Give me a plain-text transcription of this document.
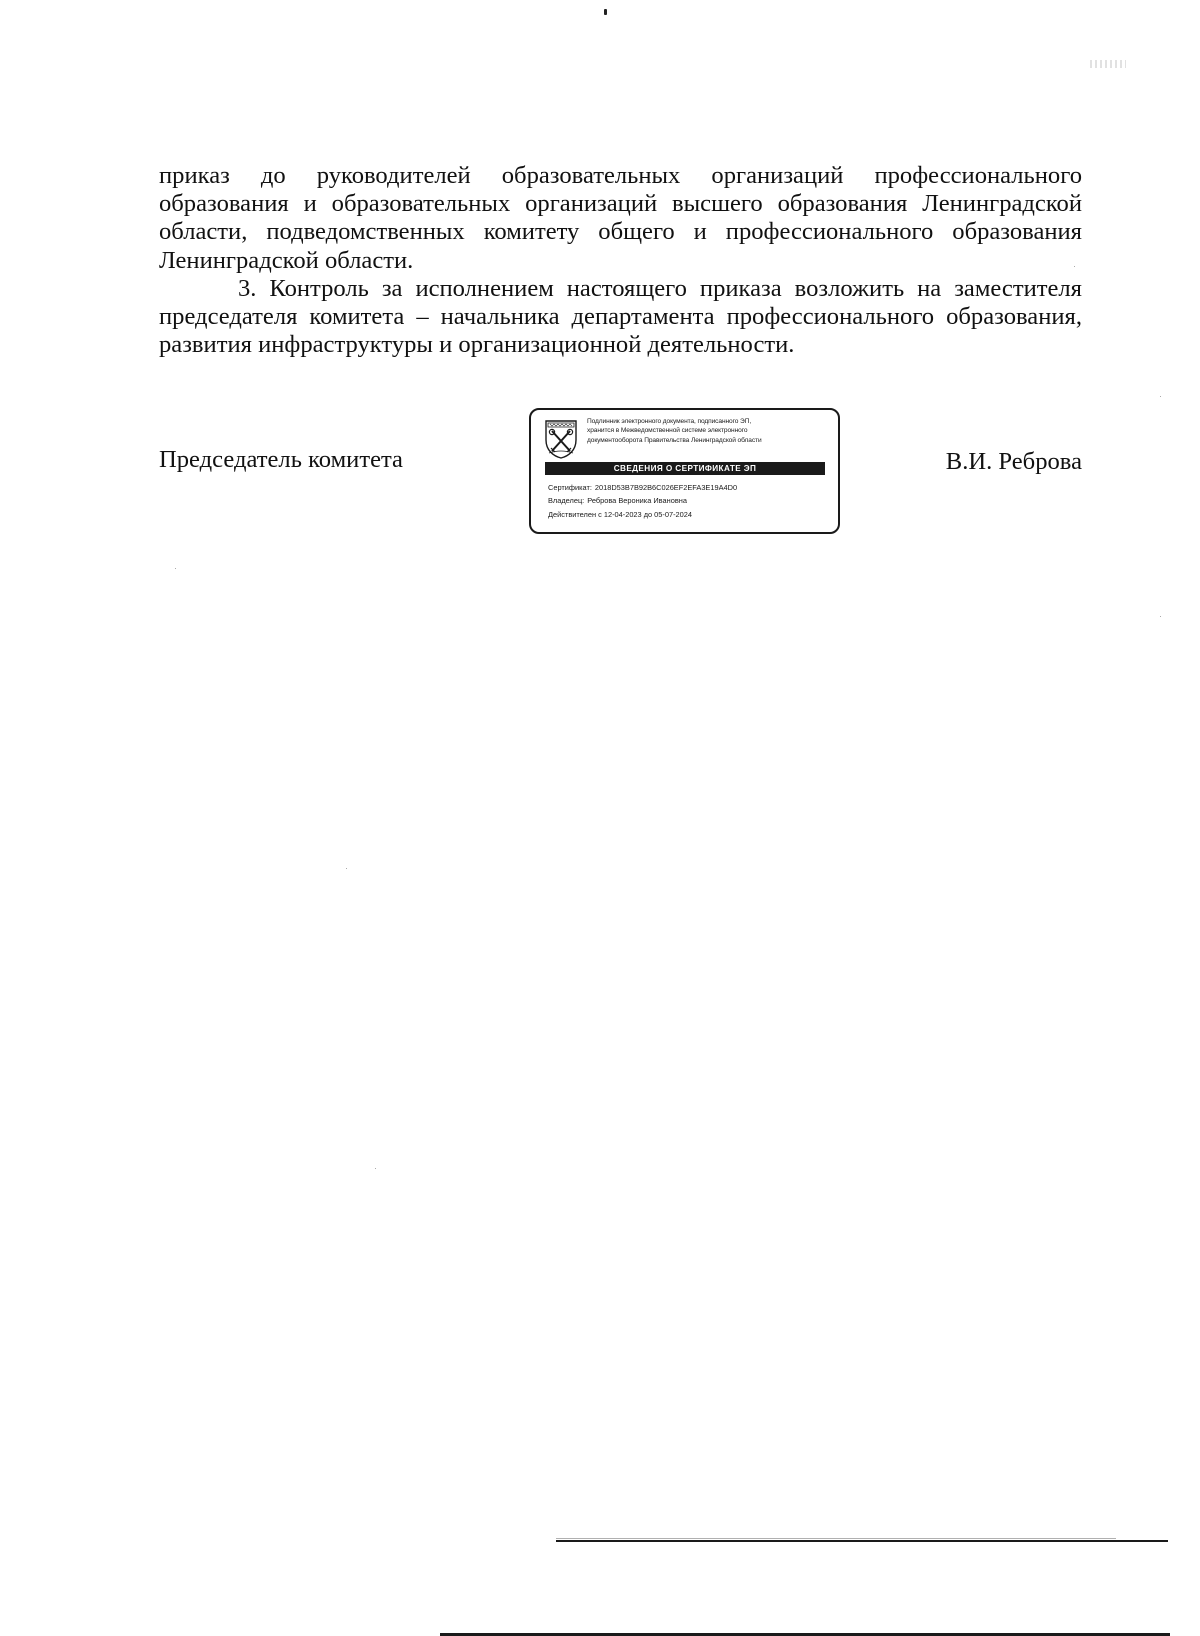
приказ до руководителей образовательных организаций профессионального образования и образовательных организаций высшего образования Ленинградской области, подведомственных комитету общего и профессионального образования Ленинградской области.

3. Контроль за исполнением настоящего приказа возложить на заместителя председателя комитета – начальника департамента профессионального образования, развития инфраструктуры и организационной деятельности.

Председатель комитета	В.И. Реброва
Подлинник электронного документа, подписанного ЭП,
хранится в Межведомственной системе электронного
документооборота Правительства Ленинградской области
СВЕДЕНИЯ О СЕРТИФИКАТЕ ЭП
Сертификат: 2018D53B7B92B6C026EF2EFA3E19A4D0
Владелец: Реброва Вероника Ивановна
Действителен с 12-04-2023 до 05-07-2024
